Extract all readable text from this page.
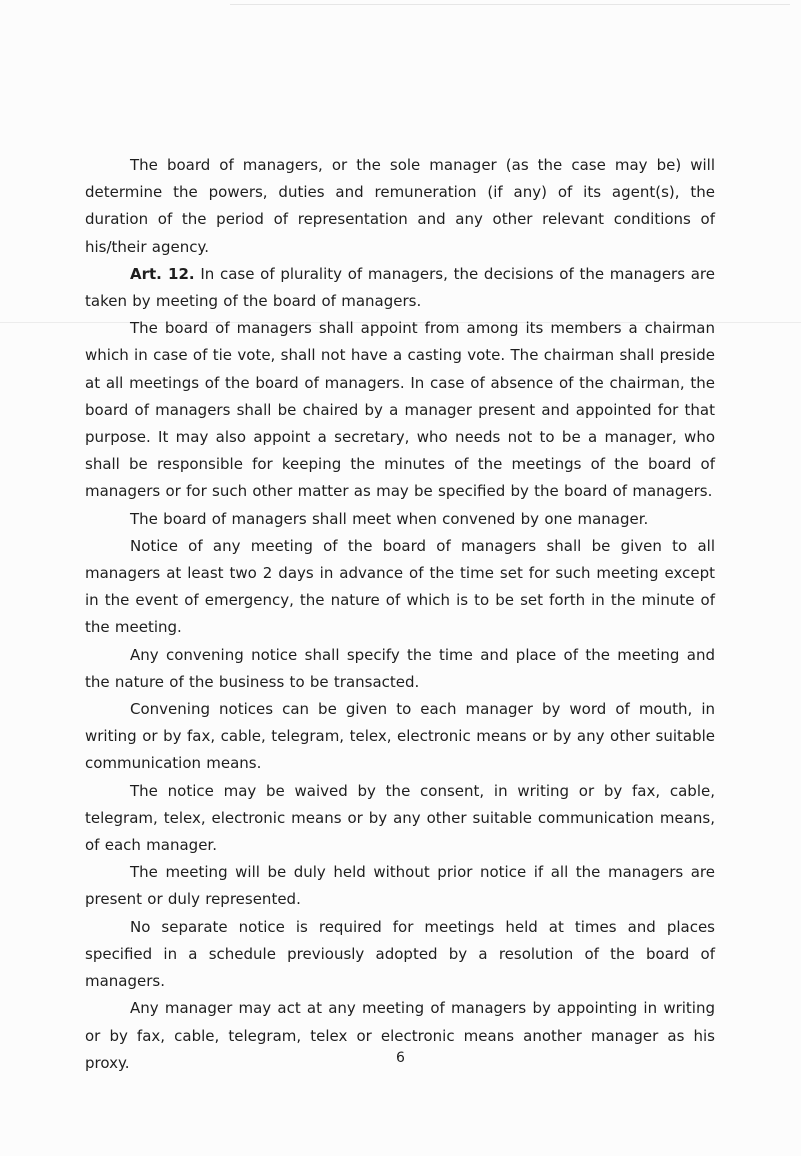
The board of managers, or the sole manager (as the case may be) will determine the powers, duties and remuneration (if any) of its agent(s), the duration of the period of representation and any other relevant conditions of his/their agency.

Art. 12. In case of plurality of managers, the decisions of the managers are taken by meeting of the board of managers.

The board of managers shall appoint from among its members a chairman which in case of tie vote, shall not have a casting vote. The chairman shall preside at all meetings of the board of managers. In case of absence of the chairman, the board of managers shall be chaired by a manager present and appointed for that purpose. It may also appoint a secretary, who needs not to be a manager, who shall be responsible for keeping the minutes of the meetings of the board of managers or for such other matter as may be specified by the board of managers.

The board of managers shall meet when convened by one manager.

Notice of any meeting of the board of managers shall be given to all managers at least two 2 days in advance of the time set for such meeting except in the event of emergency, the nature of which is to be set forth in the minute of the meeting.

Any convening notice shall specify the time and place of the meeting and the nature of the business to be transacted.

Convening notices can be given to each manager by word of mouth, in writing or by fax, cable, telegram, telex, electronic means or by any other suitable communication means.

The notice may be waived by the consent, in writing or by fax, cable, telegram, telex, electronic means or by any other suitable communication means, of each manager.

The meeting will be duly held without prior notice if all the managers are present or duly represented.

No separate notice is required for meetings held at times and places specified in a schedule previously adopted by a resolution of the board of managers.

Any manager may act at any meeting of managers by appointing in writing or by fax, cable, telegram, telex or electronic means another manager as his proxy.	6
